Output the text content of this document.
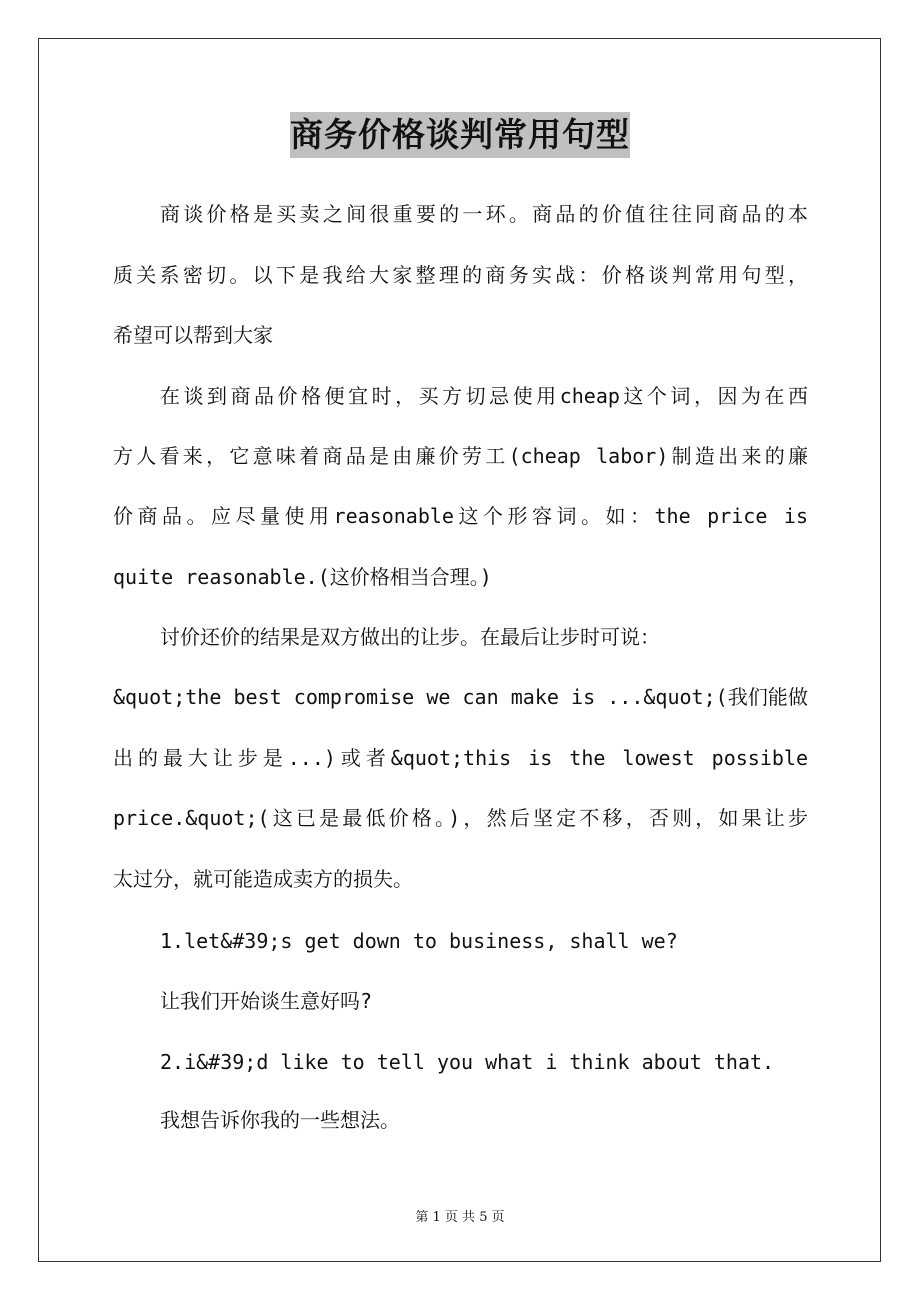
商务价格谈判常用句型
商谈价格是买卖之间很重要的一环。商品的价值往往同商品的本
质关系密切。以下是我给大家整理的商务实战：价格谈判常用句型，
希望可以帮到大家
在谈到商品价格便宜时，买方切忌使用cheap这个词，因为在西
方人看来，它意味着商品是由廉价劳工(cheap labor)制造出来的廉
价商品。应尽量使用reasonable这个形容词。如：the price is
quite reasonable.(这价格相当合理。)
讨价还价的结果是双方做出的让步。在最后让步时可说：
&quot;the best compromise we can make is ...&quot;(我们能做
出的最大让步是...)或者&quot;this is the lowest possible
price.&quot;(这已是最低价格。)，然后坚定不移，否则，如果让步
太过分，就可能造成卖方的损失。
1.let&#39;s get down to business, shall we?
让我们开始谈生意好吗?
2.i&#39;d like to tell you what i think about that.
我想告诉你我的一些想法。
第 1 页 共 5 页
